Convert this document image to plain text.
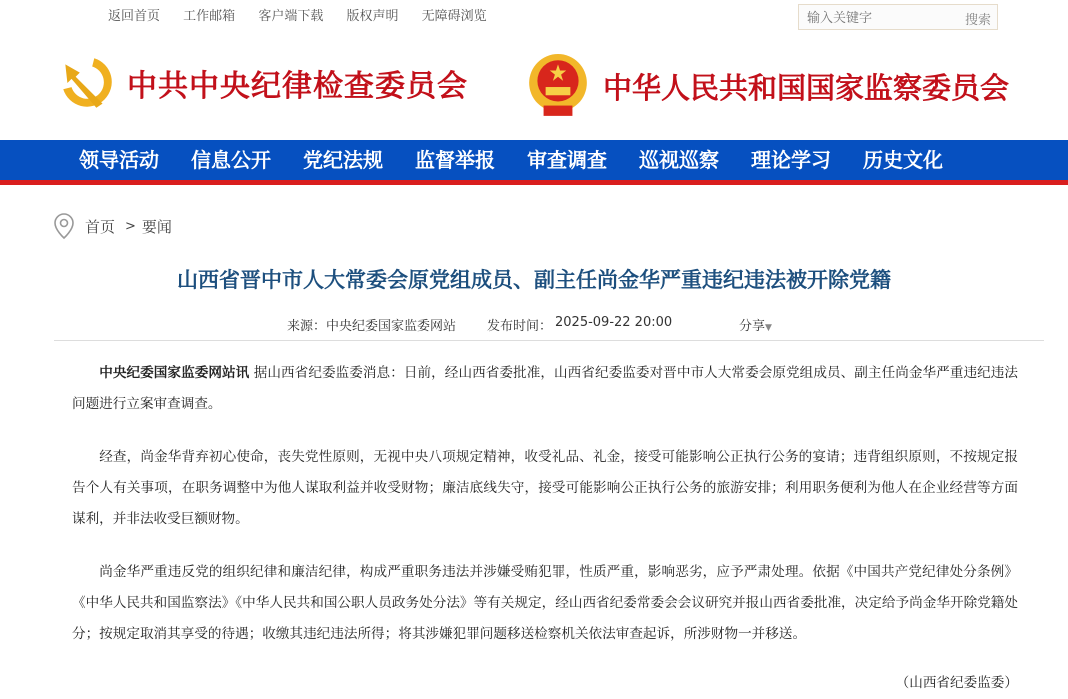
返回首页 工作邮箱 客户端下载 版权声明 无障碍浏览
输入关键字	搜索
中共中央纪律检查委员会	中华人民共和国国家监察委员会
领导活动 信息公开 党纪法规 监督举报 审查调查 巡视巡察 理论学习 历史文化
首页 > 要闻
山西省晋中市人大常委会原党组成员、副主任尚金华严重违纪违法被开除党籍
来源： 中央纪委国家监委网站 发布时间： 2025-09-22 20:00	分享▼

中央纪委国家监委网站讯 据山西省纪委监委消息：日前，经山西省委批准，山西省纪委监委对晋中市人大常委会原党组成员、副主任尚金华严重违纪违法问题进行立案审查调查。

经查，尚金华背弃初心使命，丧失党性原则，无视中央八项规定精神，收受礼品、礼金，接受可能影响公正执行公务的宴请；违背组织原则，不按规定报告个人有关事项，在职务调整中为他人谋取利益并收受财物；廉洁底线失守，接受可能影响公正执行公务的旅游安排；利用职务便利为他人在企业经营等方面谋利，并非法收受巨额财物。

尚金华严重违反党的组织纪律和廉洁纪律，构成严重职务违法并涉嫌受贿犯罪，性质严重，影响恶劣，应予严肃处理。依据《中国共产党纪律处分条例》《中华人民共和国监察法》《中华人民共和国公职人员政务处分法》等有关规定，经山西省纪委常委会会议研究并报山西省委批准，决定给予尚金华开除党籍处分；按规定取消其享受的待遇；收缴其违纪违法所得；将其涉嫌犯罪问题移送检察机关依法审查起诉，所涉财物一并移送。

（山西省纪委监委）
